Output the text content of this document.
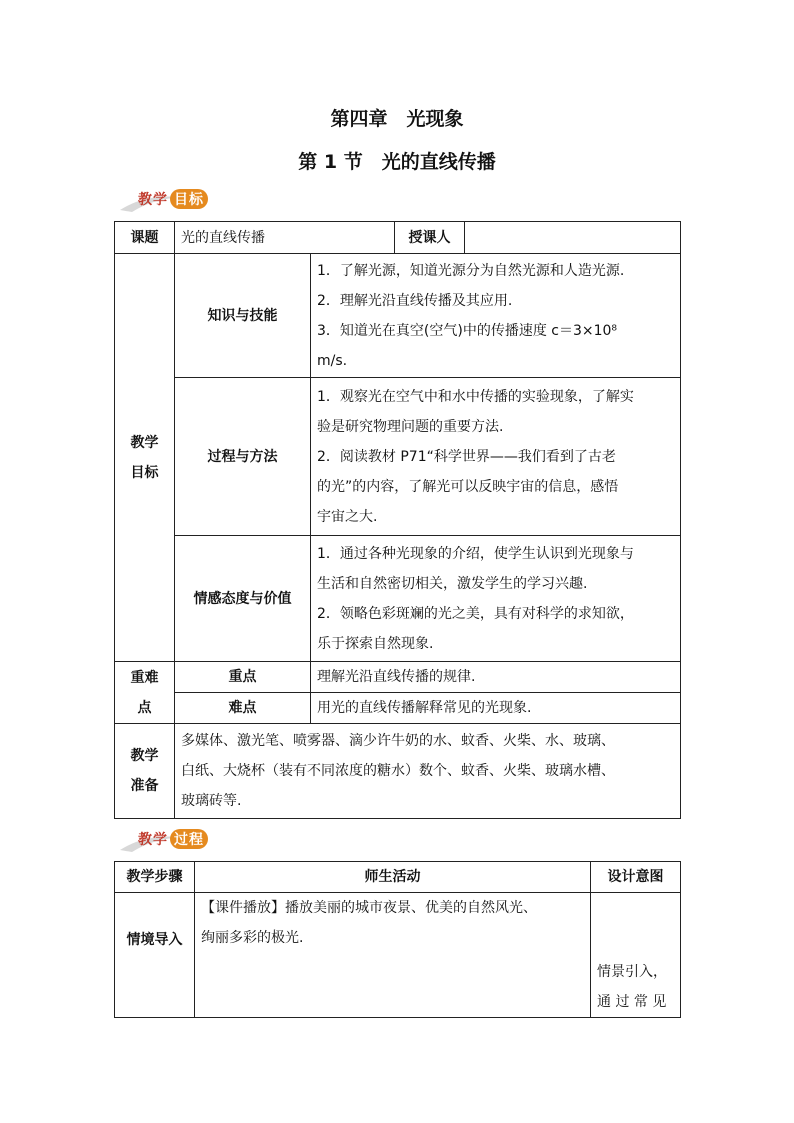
第四章　光现象
第 1 节　光的直线传播
教学 目标
课题	光的直线传播		授课人	

教学
目标	知识与技能	1．了解光源，知道光源分为自然光源和人造光源.
2．理解光沿直线传播及其应用.
3．知道光在真空(空气)中的传播速度 c＝3×10⁸
m/s.		

	过程与方法	1．观察光在空气中和水中传播的实验现象，了解实
验是研究物理问题的重要方法.
2．阅读教材 P71“科学世界——我们看到了古老
的光”的内容，了解光可以反映宇宙的信息，感悟
宇宙之大.		

	情感态度与价值	1．通过各种光现象的介绍，使学生认识到光现象与
生活和自然密切相关，激发学生的学习兴趣.
2．领略色彩斑斓的光之美，具有对科学的求知欲，
乐于探索自然现象.		

重难
点	重点	理解光沿直线传播的规律.		
	难点	用光的直线传播解释常见的光现象.		

教学
准备	多媒体、激光笔、喷雾器、滴少许牛奶的水、蚊香、火柴、水、玻璃、
白纸、大烧杯（装有不同浓度的糖水）数个、蚊香、火柴、玻璃水槽、
玻璃砖等.			
教学 过程
教学步骤	师生活动	设计意图
情境导入	【课件播放】播放美丽的城市夜景、优美的自然风光、
绚丽多彩的极光.	情景引入，
通 过 常 见
